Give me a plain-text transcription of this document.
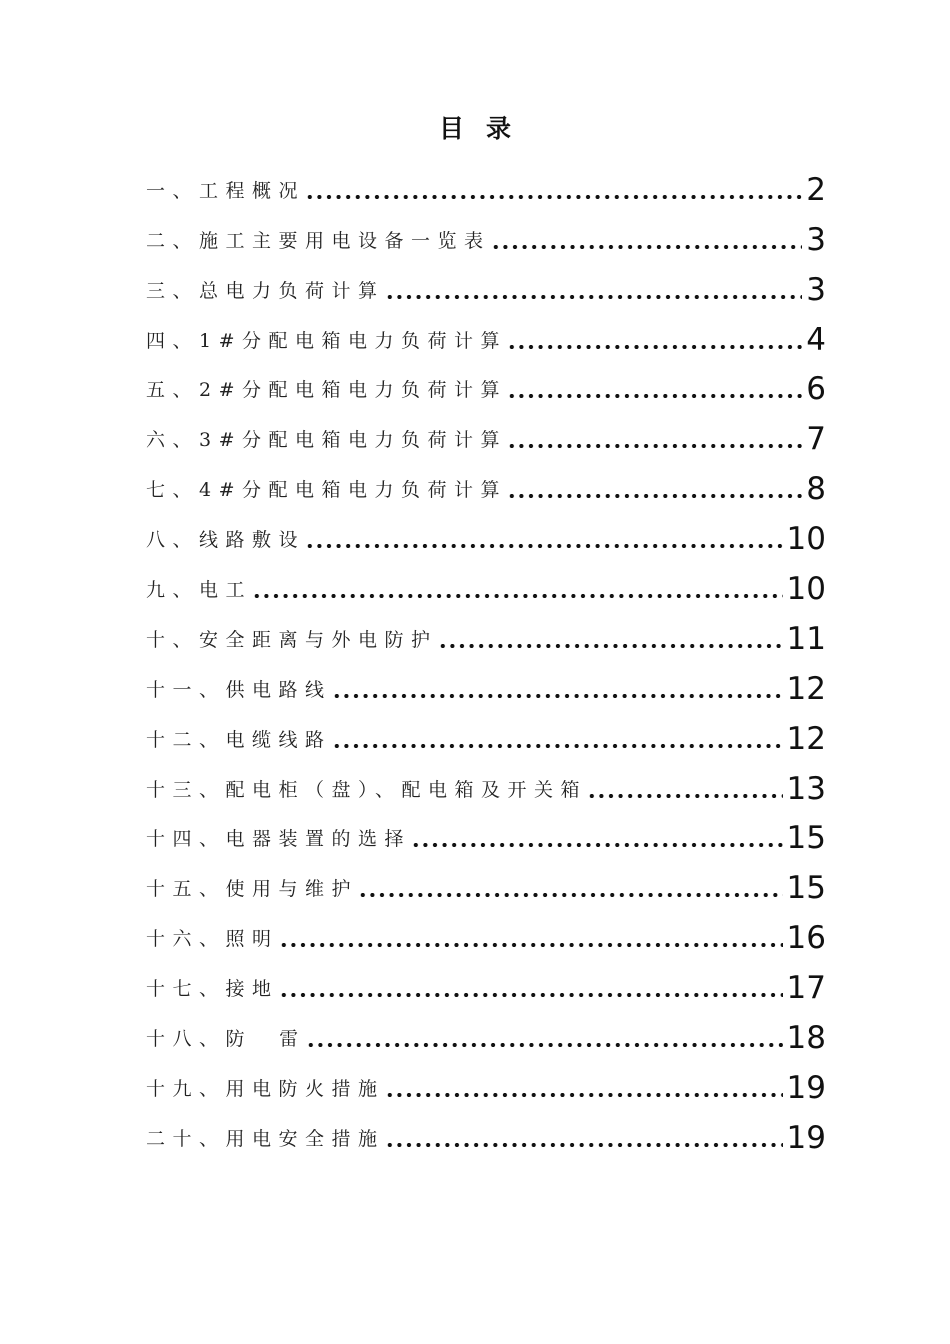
目录
一、工程概况	2
二、施工主要用电设备一览表	3
三、总电力负荷计算	3
四、1#分配电箱电力负荷计算	4
五、2#分配电箱电力负荷计算	6
六、3#分配电箱电力负荷计算	7
七、4#分配电箱电力负荷计算	8
八、线路敷设	10
九、电工	10
十、安全距离与外电防护	11
十一、供电路线	12
十二、电缆线路	12
十三、配电柜（盘）、配电箱及开关箱	13
十四、电器装置的选择	15
十五、使用与维护	15
十六、照明	16
十七、接地	17
十八、防  雷	18
十九、用电防火措施	19
二十、用电安全措施	19
